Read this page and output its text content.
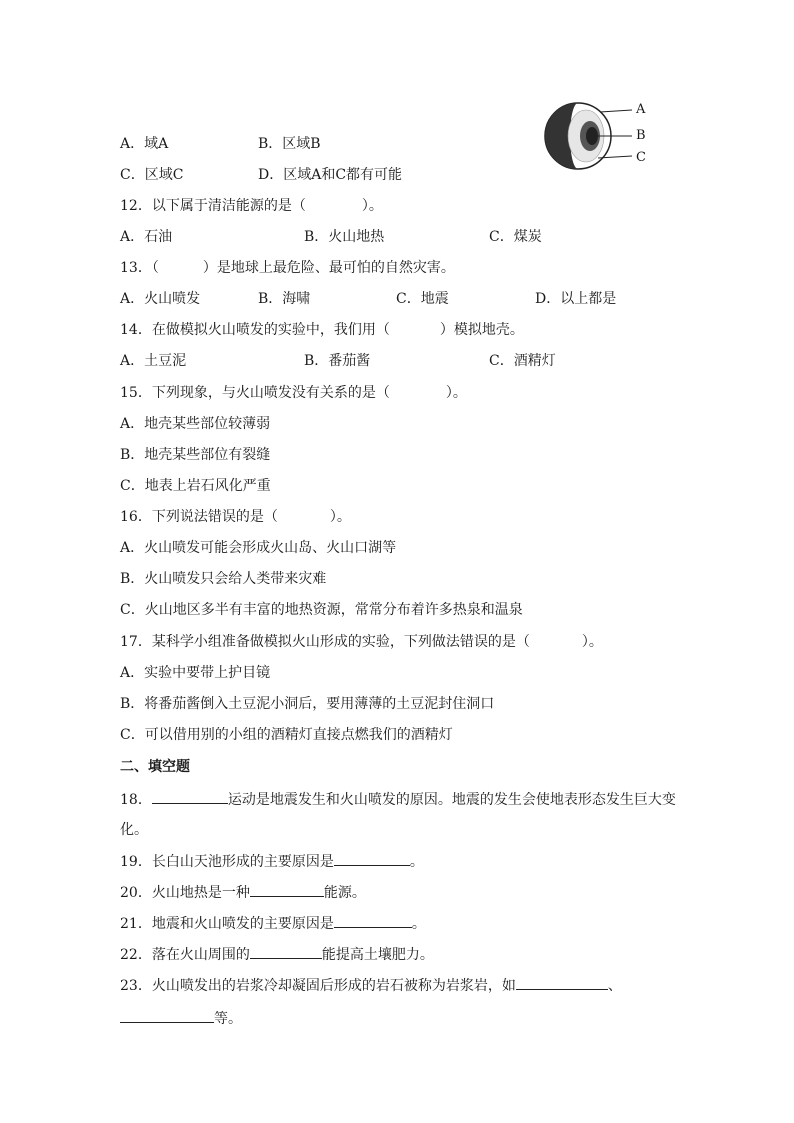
A．域A	B．区域B
C．区域C	D．区域A和C都有可能
A
B
C
12．以下属于清洁能源的是（	）。
A．石油	B．火山地热	C．煤炭
13．（	）是地球上最危险、最可怕的自然灾害。
A．火山喷发	B．海啸	C．地震	D．以上都是
14．在做模拟火山喷发的实验中，我们用（	）模拟地壳。
A．土豆泥	B．番茄酱	C．酒精灯
15．下列现象，与火山喷发没有关系的是（	）。
A．地壳某些部位较薄弱
B．地壳某些部位有裂缝
C．地表上岩石风化严重
16．下列说法错误的是（	）。
A．火山喷发可能会形成火山岛、火山口湖等
B．火山喷发只会给人类带来灾难
C．火山地区多半有丰富的地热资源，常常分布着许多热泉和温泉
17．某科学小组准备做模拟火山形成的实验，下列做法错误的是（	）。
A．实验中要带上护目镜
B．将番茄酱倒入土豆泥小洞后，要用薄薄的土豆泥封住洞口
C．可以借用别的小组的酒精灯直接点燃我们的酒精灯
二、填空题
18．	运动是地震发生和火山喷发的原因。地震的发生会使地表形态发生巨大变
化。
19．长白山天池形成的主要原因是	。
20．火山地热是一种	能源。
21．地震和火山喷发的主要原因是	。
22．落在火山周围的	能提高土壤肥力。
23．火山喷发出的岩浆冷却凝固后形成的岩石被称为岩浆岩，如	、
等。
